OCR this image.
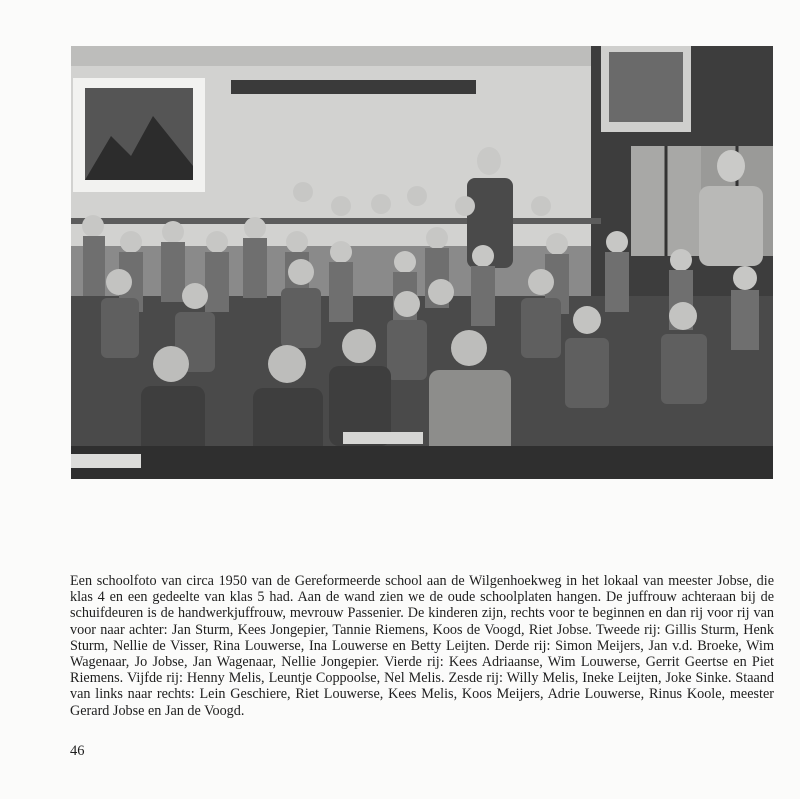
Een schoolfoto van circa 1950 van de Gereformeerde school aan de Wilgenhoekweg in het lokaal van meester Jobse, die klas 4 en een gedeelte van klas 5 had. Aan de wand zien we de oude schoolplaten hangen. De juffrouw achteraan bij de schuifdeuren is de handwerkjuffrouw, mevrouw Passenier. De kinderen zijn, rechts voor te beginnen en dan rij voor rij van voor naar achter: Jan Sturm, Kees Jongepier, Tannie Riemens, Koos de Voogd, Riet Jobse. Tweede rij: Gillis Sturm, Henk Sturm, Nellie de Visser, Rina Louwerse, Ina Louwerse en Betty Leijten. Derde rij: Simon Meijers, Jan v.d. Broeke, Wim Wagenaar, Jo Jobse, Jan Wagenaar, Nellie Jongepier. Vierde rij: Kees Adriaanse, Wim Louwerse, Gerrit Geertse en Piet Riemens. Vijfde rij: Henny Melis, Leuntje Coppoolse, Nel Melis. Zesde rij: Willy Melis, Ineke Leijten, Joke Sinke. Staand van links naar rechts: Lein Geschiere, Riet Louwerse, Kees Melis, Koos Meijers, Adrie Louwerse, Rinus Koole, meester Gerard Jobse en Jan de Voogd.

46
